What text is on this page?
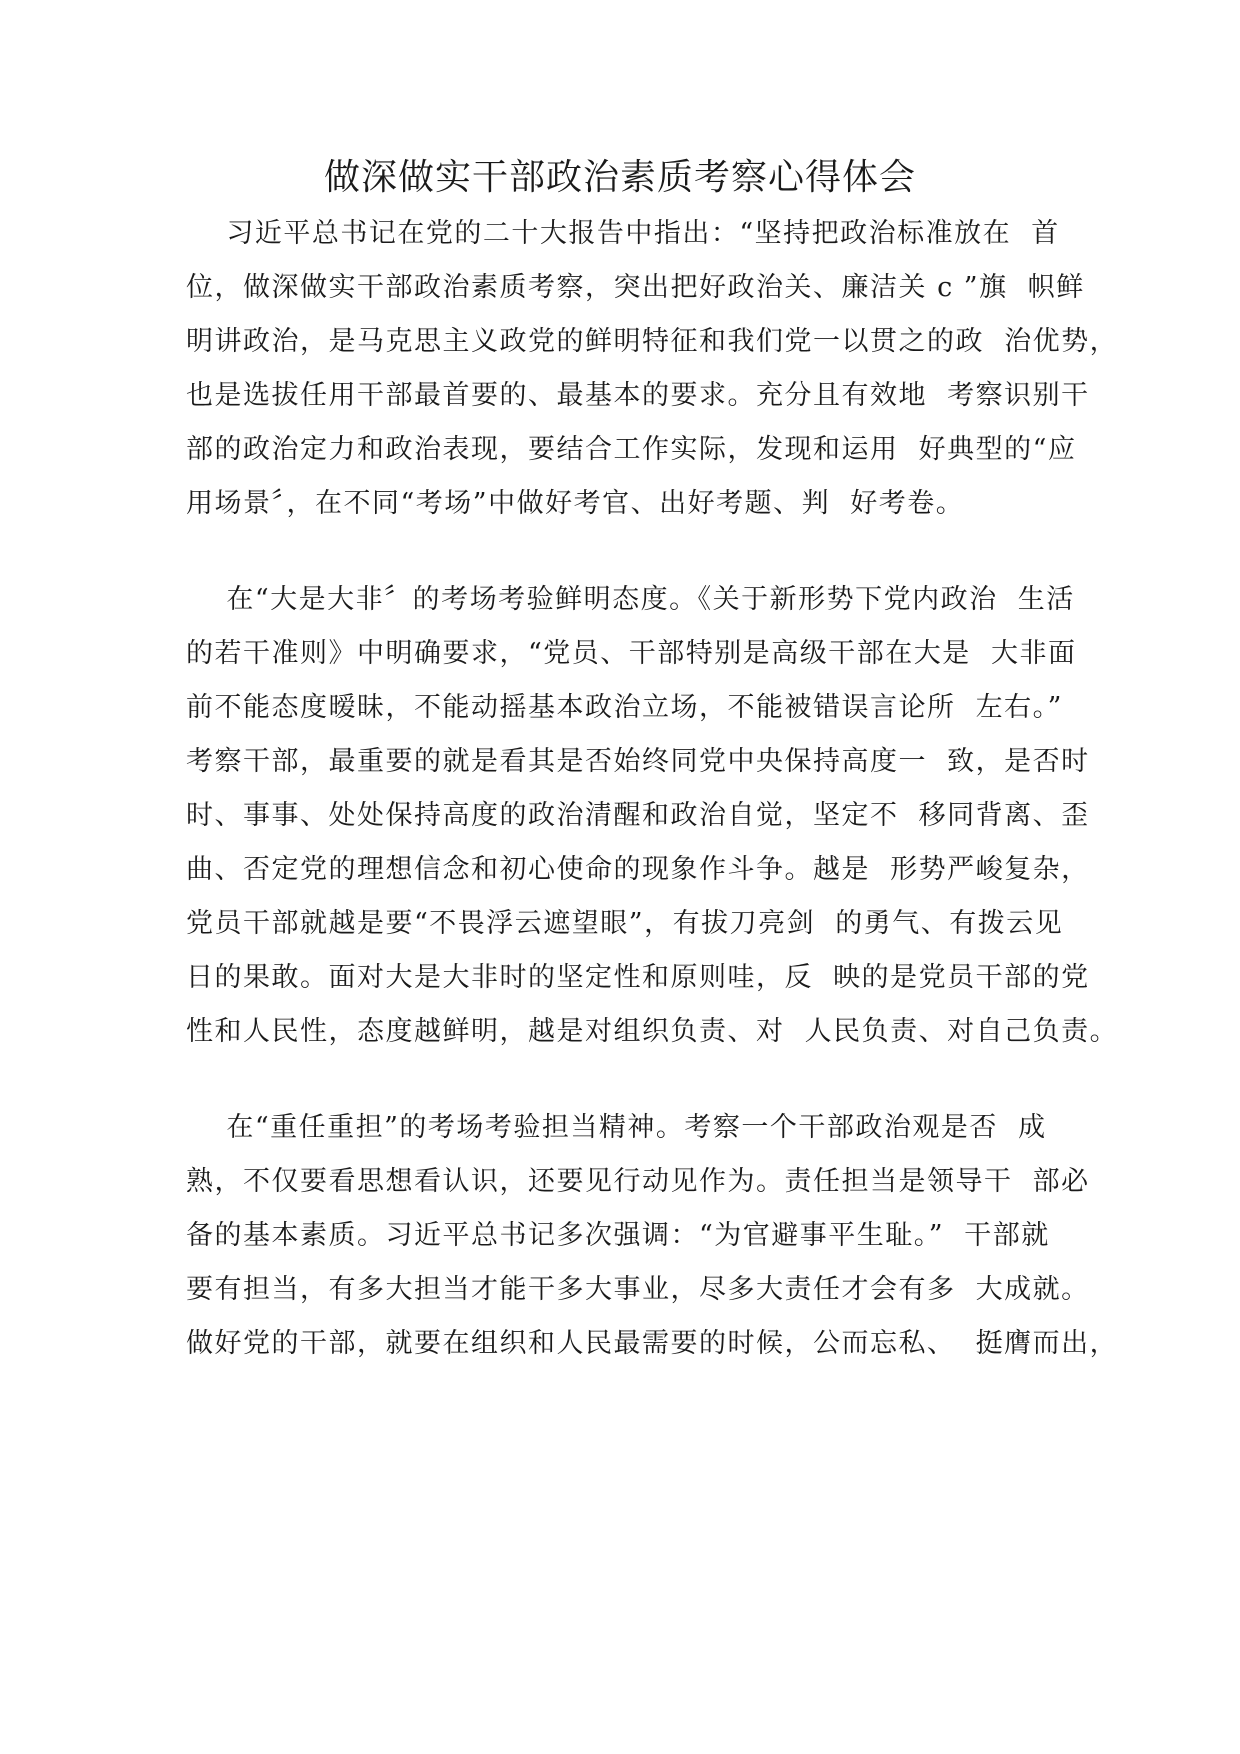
做深做实干部政治素质考察心得体会
习近平总书记在党的二十大报告中指出：“坚持把政治标准放在  首
位，做深做实干部政治素质考察，突出把好政治关、廉洁关 c ”旗  帜鲜
明讲政治，是马克思主义政党的鲜明特征和我们党一以贯之的政  治优势，
也是选拔任用干部最首要的、最基本的要求。充分且有效地  考察识别干
部的政治定力和政治表现，要结合工作实际，发现和运用  好典型的“应
用场景〞，在不同“考场”中做好考官、出好考题、判  好考卷。
在“大是大非〞的考场考验鲜明态度。《关于新形势下党内政治  生活
的若干准则》中明确要求，“党员、干部特别是高级干部在大是  大非面
前不能态度暧昧，不能动摇基本政治立场，不能被错误言论所  左右。”
考察干部，最重要的就是看其是否始终同党中央保持高度一  致，是否时
时、事事、处处保持高度的政治清醒和政治自觉，坚定不  移同背离、歪
曲、否定党的理想信念和初心使命的现象作斗争。越是  形势严峻复杂，
党员干部就越是要“不畏浮云遮望眼”，有拔刀亮剑  的勇气、有拨云见
日的果敢。面对大是大非时的坚定性和原则哇，反  映的是党员干部的党
性和人民性，态度越鲜明，越是对组织负责、对  人民负责、对自己负责。
在“重任重担”的考场考验担当精神。考察一个干部政治观是否  成
熟，不仅要看思想看认识，还要见行动见作为。责任担当是领导干  部必
备的基本素质。习近平总书记多次强调：“为官避事平生耻。”  干部就
要有担当，有多大担当才能干多大事业，尽多大责任才会有多  大成就。
做好党的干部，就要在组织和人民最需要的时候，公而忘私、  挺膺而出，
